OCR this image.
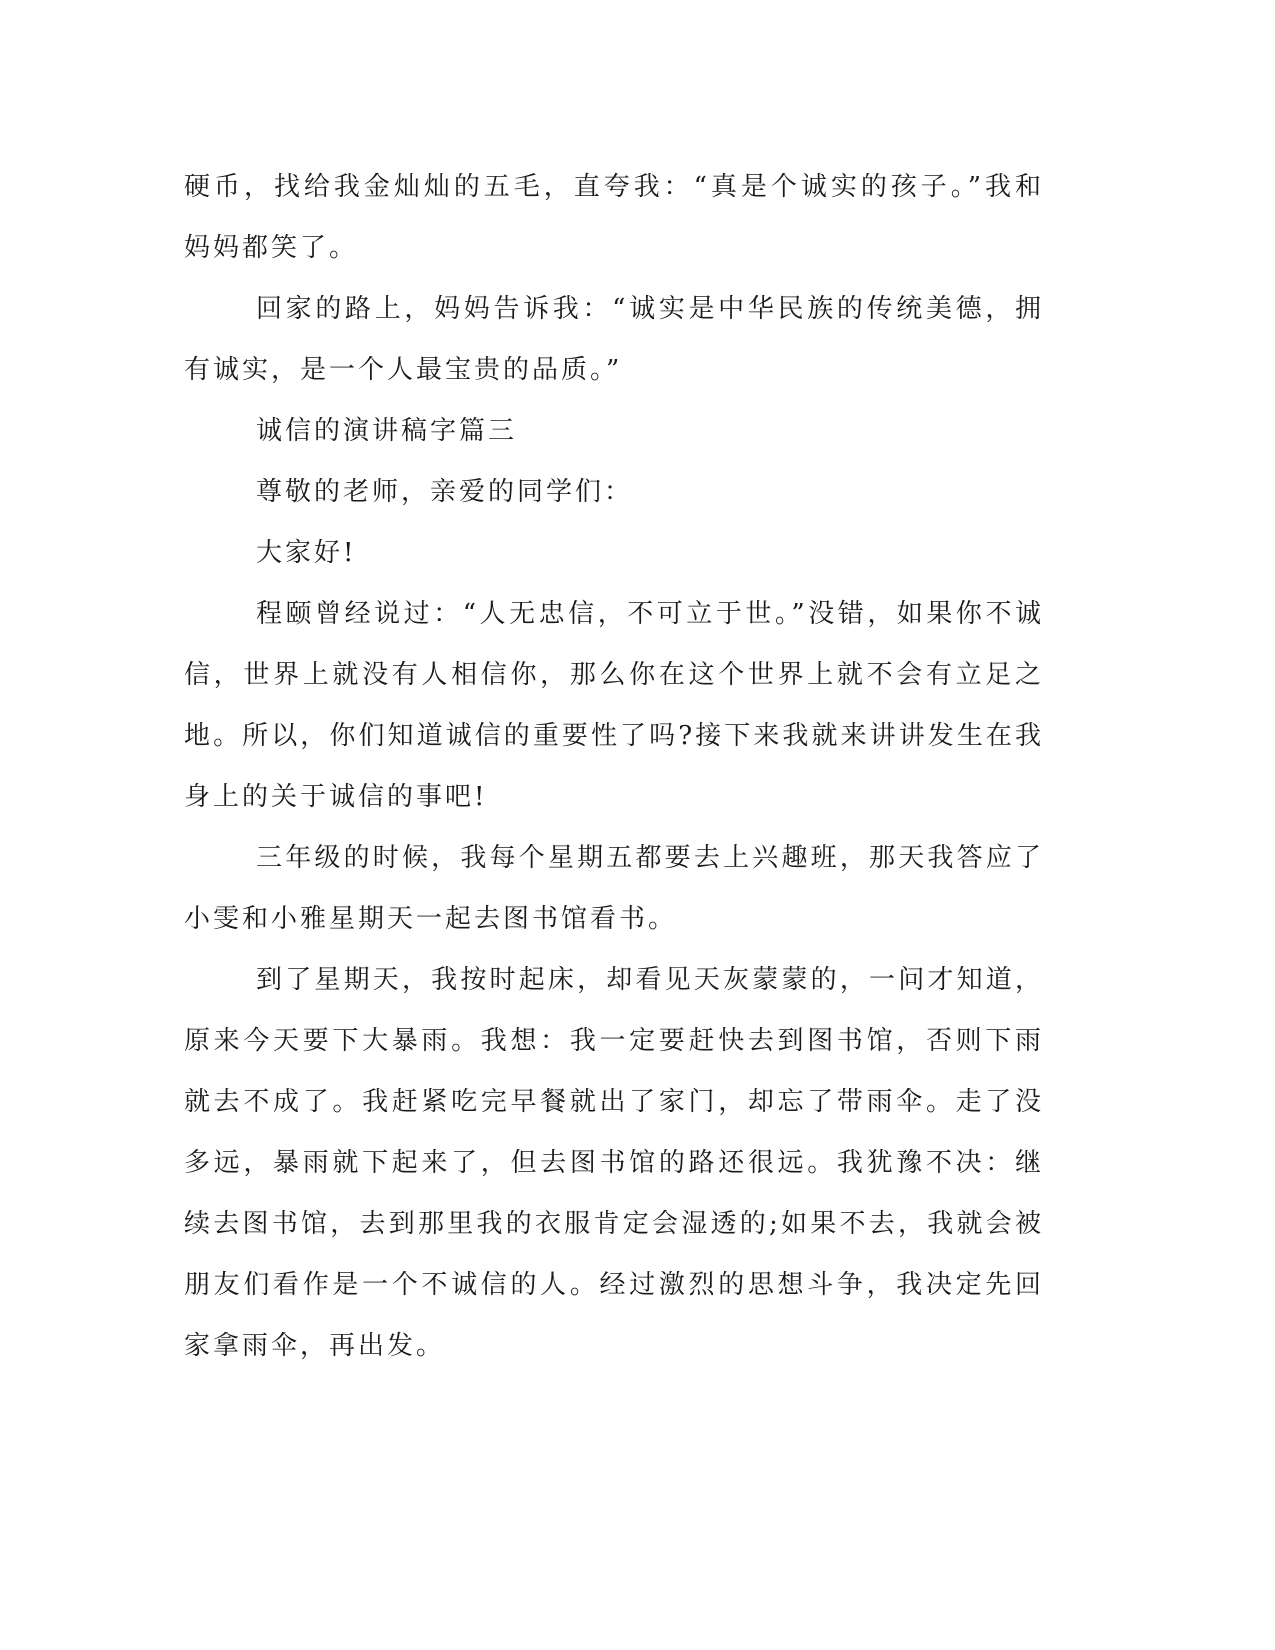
硬币，找给我金灿灿的五毛，直夸我：“真是个诚实的孩子。”我和妈妈都笑了。

回家的路上，妈妈告诉我：“诚实是中华民族的传统美德，拥有诚实，是一个人最宝贵的品质。”

诚信的演讲稿字篇三

尊敬的老师，亲爱的同学们：

大家好!

程颐曾经说过：“人无忠信，不可立于世。”没错，如果你不诚信，世界上就没有人相信你，那么你在这个世界上就不会有立足之地。所以，你们知道诚信的重要性了吗?接下来我就来讲讲发生在我身上的关于诚信的事吧!

三年级的时候，我每个星期五都要去上兴趣班，那天我答应了小雯和小雅星期天一起去图书馆看书。

到了星期天，我按时起床，却看见天灰蒙蒙的，一问才知道，原来今天要下大暴雨。我想：我一定要赶快去到图书馆，否则下雨就去不成了。我赶紧吃完早餐就出了家门，却忘了带雨伞。走了没多远，暴雨就下起来了，但去图书馆的路还很远。我犹豫不决：继续去图书馆，去到那里我的衣服肯定会湿透的;如果不去，我就会被朋友们看作是一个不诚信的人。经过激烈的思想斗争，我决定先回家拿雨伞，再出发。
